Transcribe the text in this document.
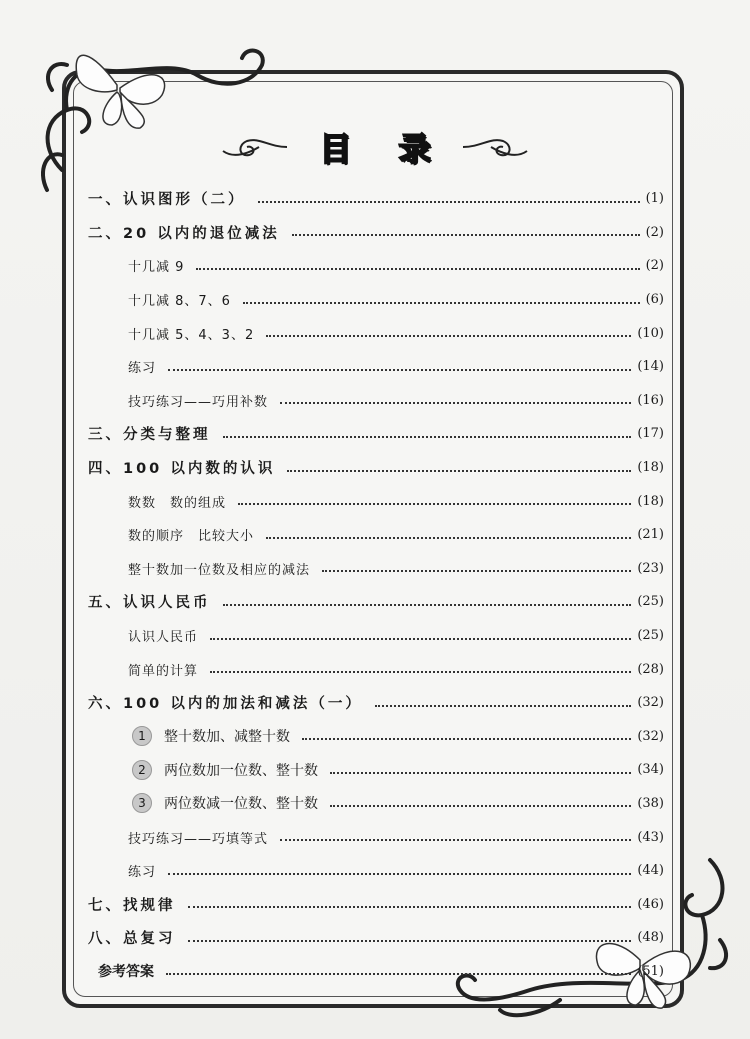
目 录
一、认识图形（二）	(1)
二、20 以内的退位减法	(2)
十几减 9	(2)
十几减 8、7、6	(6)
十几减 5、4、3、2	(10)
练习	(14)
技巧练习——巧用补数	(16)
三、分类与整理	(17)
四、100 以内数的认识	(18)
数数　数的组成	(18)
数的顺序　比较大小	(21)
整十数加一位数及相应的减法	(23)
五、认识人民币	(25)
认识人民币	(25)
简单的计算	(28)
六、100 以内的加法和减法（一）	(32)
1	整十数加、减整十数	(32)
2	两位数加一位数、整十数	(34)
3	两位数减一位数、整十数	(38)
技巧练习——巧填等式	(43)
练习	(44)
七、找规律	(46)
八、总复习	(48)
参考答案	(51)
